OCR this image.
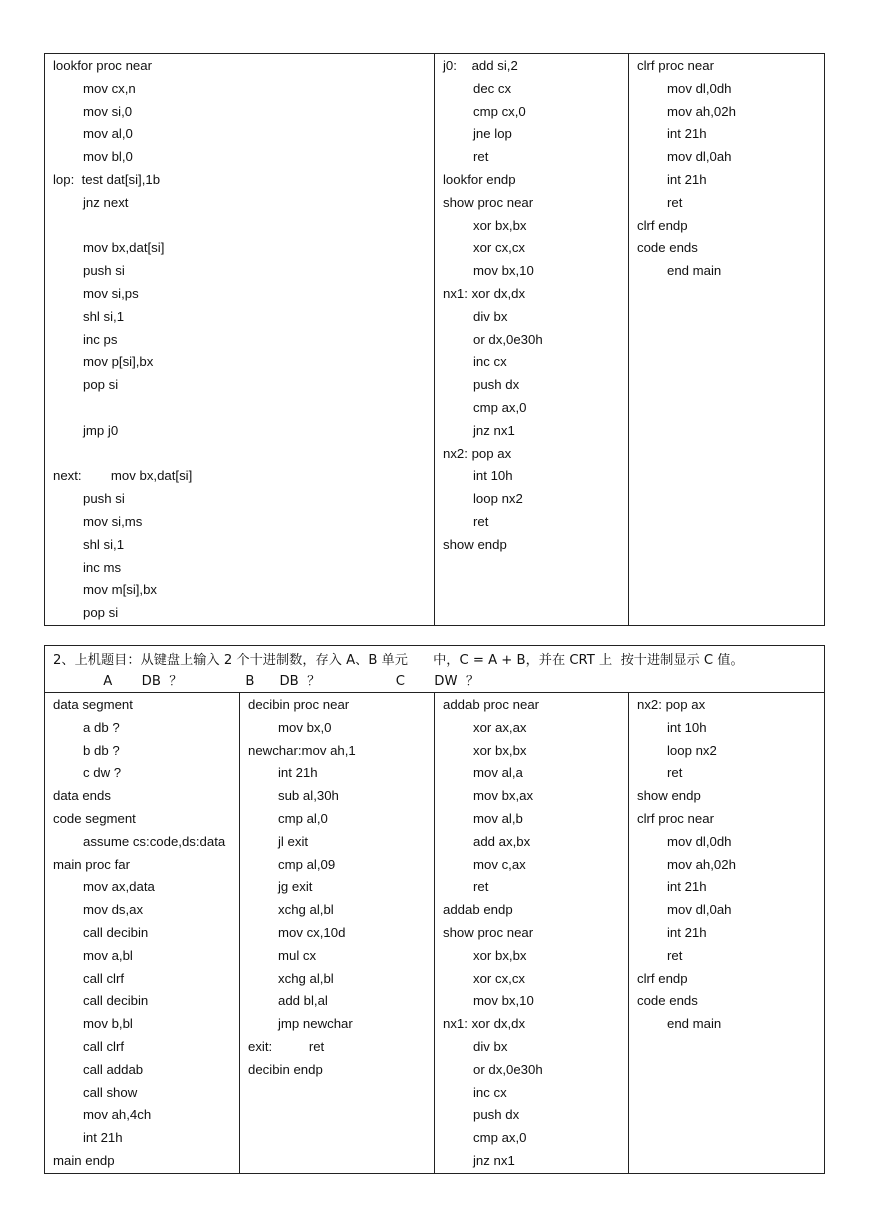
lookfor proc near
mov cx,n
mov si,0
mov al,0
mov bl,0
lop:  test dat[si],1b
jnz next
mov bx,dat[si]
push si
mov si,ps
shl si,1
inc ps
mov p[si],bx
pop si
jmp j0
next:        mov bx,dat[si]
push si
mov si,ms
shl si,1
inc ms
mov m[si],bx
pop si

j0:    add si,2
dec cx
cmp cx,0
jne lop
ret
lookfor endp
show proc near
xor bx,bx
xor cx,cx
mov bx,10
nx1: xor dx,dx
div bx
or dx,0e30h
inc cx
push dx
cmp ax,0
jnz nx1
nx2: pop ax
int 10h
loop nx2
ret
show endp

clrf proc near
mov dl,0dh
mov ah,02h
int 21h
mov dl,0ah
int 21h
ret
clrf endp
code ends
end main
2、上机题目：从键盘上输入 2 个十进制数，存入 A、B 单元      中，C = A + B，并在 CRT 上  按十进制显示 C 值。
A       DB  ？               B      DB  ？                  C       DW  ？

data segment
a db ?
b db ?
c dw ?
data ends
code segment
assume cs:code,ds:data
main proc far
mov ax,data
mov ds,ax
call decibin
mov a,bl
call clrf
call decibin
mov b,bl
call clrf
call addab
call show
mov ah,4ch
int 21h
main endp

decibin proc near
mov bx,0
newchar:mov ah,1
int 21h
sub al,30h
cmp al,0
jl exit
cmp al,09
jg exit
xchg al,bl
mov cx,10d
mul cx
xchg al,bl
add bl,al
jmp newchar
exit:          ret
decibin endp

addab proc near
xor ax,ax
xor bx,bx
mov al,a
mov bx,ax
mov al,b
add ax,bx
mov c,ax
ret
addab endp
show proc near
xor bx,bx
xor cx,cx
mov bx,10
nx1: xor dx,dx
div bx
or dx,0e30h
inc cx
push dx
cmp ax,0
jnz nx1

nx2: pop ax
int 10h
loop nx2
ret
show endp
clrf proc near
mov dl,0dh
mov ah,02h
int 21h
mov dl,0ah
int 21h
ret
clrf endp
code ends
end main
